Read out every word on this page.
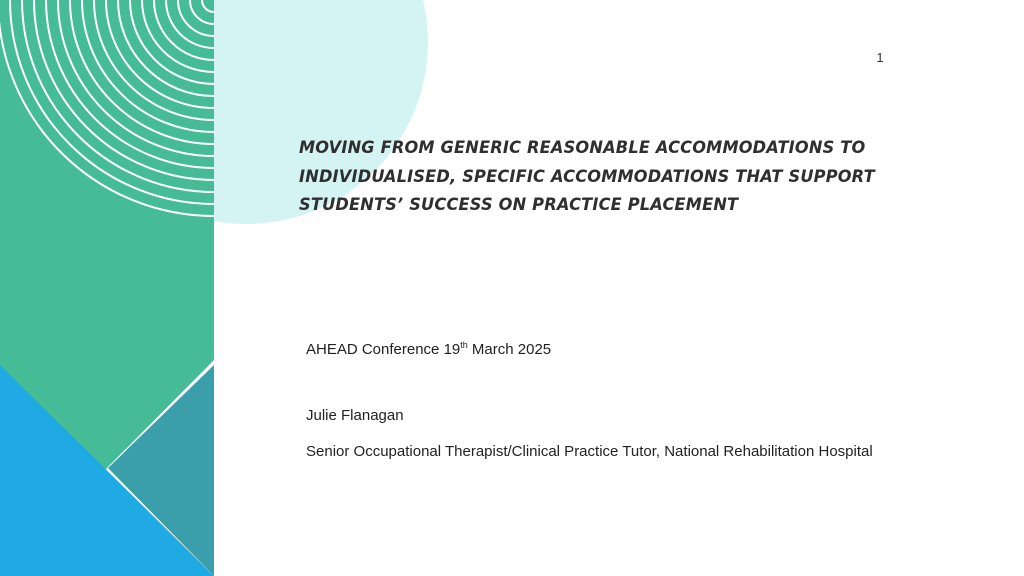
1
MOVING FROM GENERIC REASONABLE ACCOMMODATIONS TO
INDIVIDUALISED, SPECIFIC ACCOMMODATIONS THAT SUPPORT
STUDENTS’ SUCCESS ON PRACTICE PLACEMENT

AHEAD Conference 19th March 2025

Julie Flanagan

Senior Occupational Therapist/Clinical Practice Tutor, National Rehabilitation Hospital
